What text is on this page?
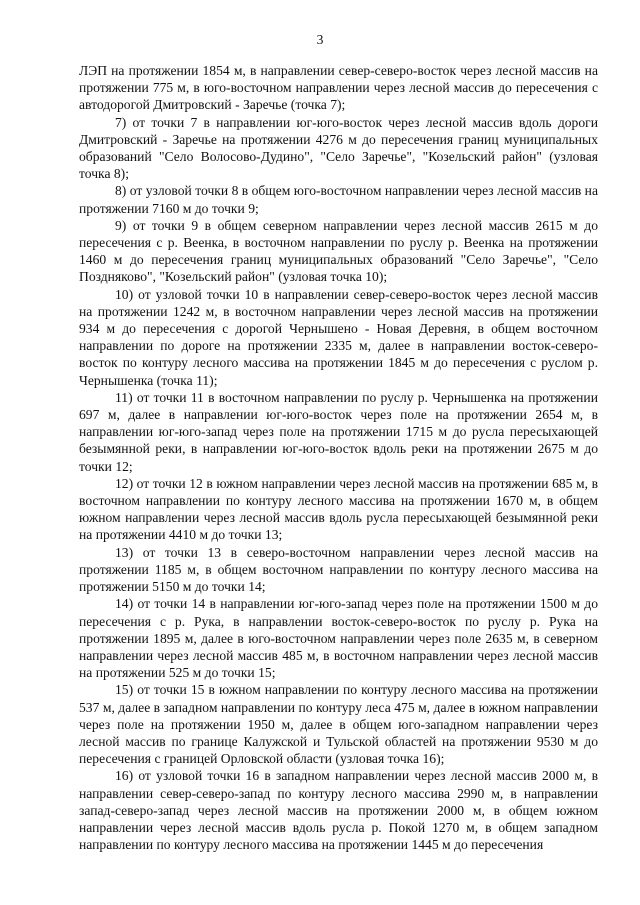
3

ЛЭП на протяжении 1854 м, в направлении север-северо-восток через лесной массив на протяжении 775 м, в юго-восточном направлении через лесной массив до пересечения с автодорогой Дмитровский - Заречье (точка 7);

7) от точки 7 в направлении юг-юго-восток через лесной массив вдоль дороги Дмитровский - Заречье на протяжении 4276 м до пересечения границ муниципальных образований "Село Волосово-Дудино", "Село Заречье", "Козельский район" (узловая точка 8);

8) от узловой точки 8 в общем юго-восточном направлении через лесной массив на протяжении 7160 м до точки 9;

9) от точки 9 в общем северном направлении через лесной массив 2615 м до пересечения с р. Веенка, в восточном направлении по руслу р. Веенка на протяжении 1460 м до пересечения границ муниципальных образований "Село Заречье", "Село Поздняково", "Козельский район" (узловая точка 10);

10) от узловой точки 10 в направлении север-северо-восток через лесной массив на протяжении 1242 м, в восточном направлении через лесной массив на протяжении 934 м до пересечения с дорогой Чернышено - Новая Деревня, в общем восточном направлении по дороге на протяжении 2335 м, далее в направлении восток-северо-восток по контуру лесного массива на протяжении 1845 м до пересечения с руслом р. Чернышенка (точка 11);

11) от точки 11 в восточном направлении по руслу р. Чернышенка на протяжении 697 м, далее в направлении юг-юго-восток через поле на протяжении 2654 м, в направлении юг-юго-запад через поле на протяжении 1715 м до русла пересыхающей безымянной реки, в направлении юг-юго-восток вдоль реки на протяжении 2675 м до точки 12;

12) от точки 12 в южном направлении через лесной массив на протяжении 685 м, в восточном направлении по контуру лесного массива на протяжении 1670 м, в общем южном направлении через лесной массив вдоль русла пересыхающей безымянной реки на протяжении 4410 м до точки 13;

13) от точки 13 в северо-восточном направлении через лесной массив на протяжении 1185 м, в общем восточном направлении по контуру лесного массива на протяжении 5150 м до точки 14;

14) от точки 14 в направлении юг-юго-запад через поле на протяжении 1500 м до пересечения с р. Рука, в направлении восток-северо-восток по руслу р. Рука на протяжении 1895 м, далее в юго-восточном направлении через поле 2635 м, в северном направлении через лесной массив 485 м, в восточном направлении через лесной массив на протяжении 525 м до точки 15;

15) от точки 15 в южном направлении по контуру лесного массива на протяжении 537 м, далее в западном направлении по контуру леса 475 м, далее в южном направлении через поле на протяжении 1950 м, далее в общем юго-западном направлении через лесной массив по границе Калужской и Тульской областей на протяжении 9530 м до пересечения с границей Орловской области (узловая точка 16);

16) от узловой точки 16 в западном направлении через лесной массив 2000 м, в направлении север-северо-запад по контуру лесного массива 2990 м, в направлении запад-северо-запад через лесной массив на протяжении 2000 м, в общем южном направлении через лесной массив вдоль русла р. Покой 1270 м, в общем западном направлении по контуру лесного массива на протяжении 1445 м до пересечения
